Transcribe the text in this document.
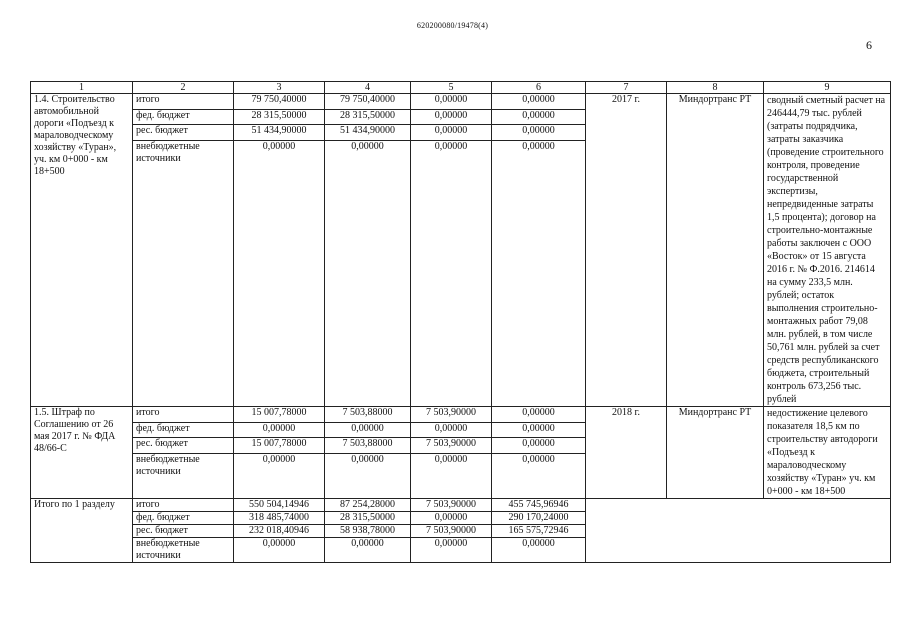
620200080/19478(4)
6
1	2	3	4	5	6	7	8	9
1.4. Строительство автомобильной дороги «Подъезд к мараловодческому хозяйству «Туран», уч. км 0+000 - км 18+500	итого	79 750,40000	79 750,40000	0,00000	0,00000	2017 г.	Миндортранс РТ	сводный сметный расчет на 246444,79 тыс. рублей (затраты подрядчика, затраты заказчика (проведение строительного контроля, проведение государственной экспертизы, непредвиденные затраты 1,5 процента); договор на строительно-монтажные работы заключен с ООО «Восток» от 15 августа 2016 г. № Ф.2016. 214614 на сумму 233,5 млн. рублей; остаток выполнения строительно-монтажных работ 79,08 млн. рублей, в том числе 50,761 млн. рублей за счет средств республиканского бюджета, строительный контроль 673,256 тыс. рублей
	фед. бюджет	28 315,50000	28 315,50000	0,00000	0,00000			
	рес. бюджет	51 434,90000	51 434,90000	0,00000	0,00000			
	внебюджетные источники	0,00000	0,00000	0,00000	0,00000			
1.5. Штраф по Соглашению от 26 мая 2017 г. № ФДА 48/66-С	итого	15 007,78000	7 503,88000	7 503,90000	0,00000	2018 г.	Миндортранс РТ	недостижение целевого показателя 18,5 км по строительству автодороги «Подъезд к мараловодческому хозяйству «Туран» уч. км 0+000 - км 18+500
	фед. бюджет	0,00000	0,00000	0,00000	0,00000			
	рес. бюджет	15 007,78000	7 503,88000	7 503,90000	0,00000			
	внебюджетные источники	0,00000	0,00000	0,00000	0,00000			
Итого по 1 разделу	итого	550 504,14946	87 254,28000	7 503,90000	455 745,96946			
	фед. бюджет	318 485,74000	28 315,50000	0,00000	290 170,24000			
	рес. бюджет	232 018,40946	58 938,78000	7 503,90000	165 575,72946			
	внебюджетные источники	0,00000	0,00000	0,00000	0,00000			
